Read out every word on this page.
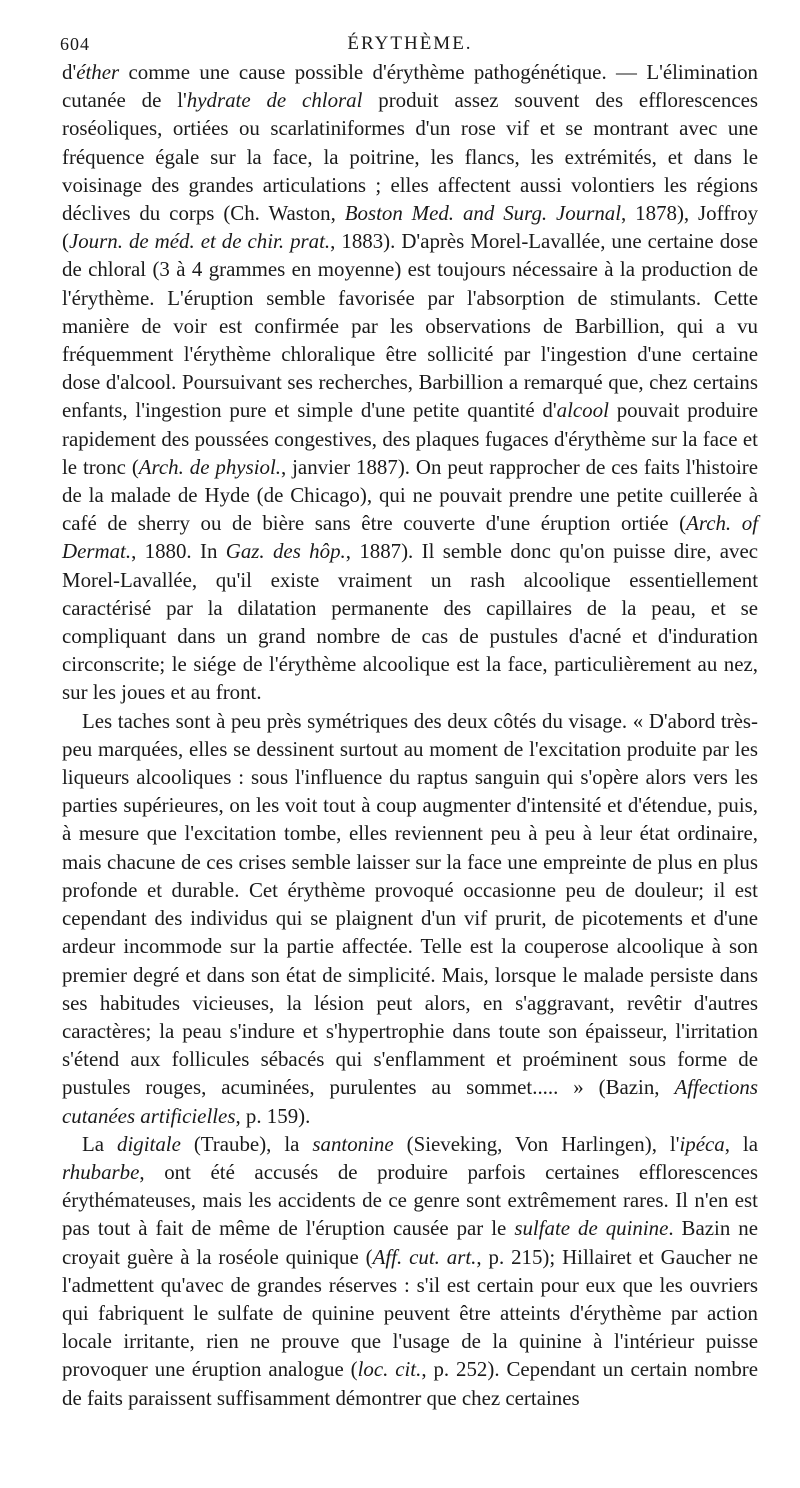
604	ÉRYTHÈME.

d'éther comme une cause possible d'érythème pathogénétique. — L'élimination cutanée de l'hydrate de chloral produit assez souvent des efflorescences roséoliques, ortiées ou scarlatiniformes d'un rose vif et se montrant avec une fréquence égale sur la face, la poitrine, les flancs, les extrémités, et dans le voisinage des grandes articulations ; elles affectent aussi volontiers les régions déclives du corps (Ch. Waston, Boston Med. and Surg. Journal, 1878), Joffroy (Journ. de méd. et de chir. prat., 1883). D'après Morel-Lavallée, une certaine dose de chloral (3 à 4 grammes en moyenne) est toujours nécessaire à la production de l'érythème. L'éruption semble favorisée par l'absorption de stimulants. Cette manière de voir est confirmée par les observations de Barbillion, qui a vu fréquemment l'érythème chloralique être sollicité par l'ingestion d'une certaine dose d'alcool. Poursuivant ses recherches, Barbillion a remarqué que, chez certains enfants, l'ingestion pure et simple d'une petite quantité d'alcool pouvait produire rapidement des poussées congestives, des plaques fugaces d'érythème sur la face et le tronc (Arch. de physiol., janvier 1887). On peut rapprocher de ces faits l'histoire de la malade de Hyde (de Chicago), qui ne pouvait prendre une petite cuillerée à café de sherry ou de bière sans être couverte d'une éruption ortiée (Arch. of Dermat., 1880. In Gaz. des hôp., 1887). Il semble donc qu'on puisse dire, avec Morel-Lavallée, qu'il existe vraiment un rash alcoolique essentiellement caractérisé par la dilatation permanente des capillaires de la peau, et se compliquant dans un grand nombre de cas de pustules d'acné et d'induration circonscrite; le siége de l'érythème alcoolique est la face, particulièrement au nez, sur les joues et au front.

Les taches sont à peu près symétriques des deux côtés du visage. « D'abord très-peu marquées, elles se dessinent surtout au moment de l'excitation produite par les liqueurs alcooliques : sous l'influence du raptus sanguin qui s'opère alors vers les parties supérieures, on les voit tout à coup augmenter d'intensité et d'étendue, puis, à mesure que l'excitation tombe, elles reviennent peu à peu à leur état ordinaire, mais chacune de ces crises semble laisser sur la face une empreinte de plus en plus profonde et durable. Cet érythème provoqué occasionne peu de douleur; il est cependant des individus qui se plaignent d'un vif prurit, de picotements et d'une ardeur incommode sur la partie affectée. Telle est la couperose alcoolique à son premier degré et dans son état de simplicité. Mais, lorsque le malade persiste dans ses habitudes vicieuses, la lésion peut alors, en s'aggravant, revêtir d'autres caractères; la peau s'indure et s'hypertrophie dans toute son épaisseur, l'irritation s'étend aux follicules sébacés qui s'enflamment et proéminent sous forme de pustules rouges, acuminées, purulentes au sommet..... » (Bazin, Affections cutanées artificielles, p. 159).

La digitale (Traube), la santonine (Sieveking, Von Harlingen), l'ipéca, la rhubarbe, ont été accusés de produire parfois certaines efflorescences érythémateuses, mais les accidents de ce genre sont extrêmement rares. Il n'en est pas tout à fait de même de l'éruption causée par le sulfate de quinine. Bazin ne croyait guère à la roséole quinique (Aff. cut. art., p. 215); Hillairet et Gaucher ne l'admettent qu'avec de grandes réserves : s'il est certain pour eux que les ouvriers qui fabriquent le sulfate de quinine peuvent être atteints d'érythème par action locale irritante, rien ne prouve que l'usage de la quinine à l'intérieur puisse provoquer une éruption analogue (loc. cit., p. 252). Cependant un certain nombre de faits paraissent suffisamment démontrer que chez certaines
